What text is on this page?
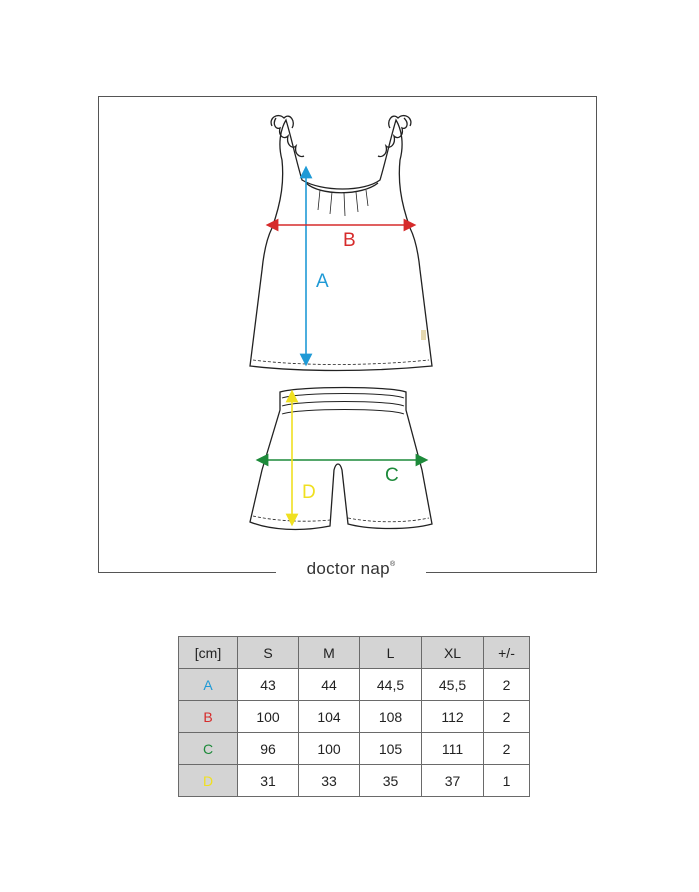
doctor nap®
A
B
C
D
[cm]	S	M	L	XL	+/-
A	43	44	44,5	45,5	2
B	100	104	108	112	2
C	96	100	105	111	2
D	31	33	35	37	1
